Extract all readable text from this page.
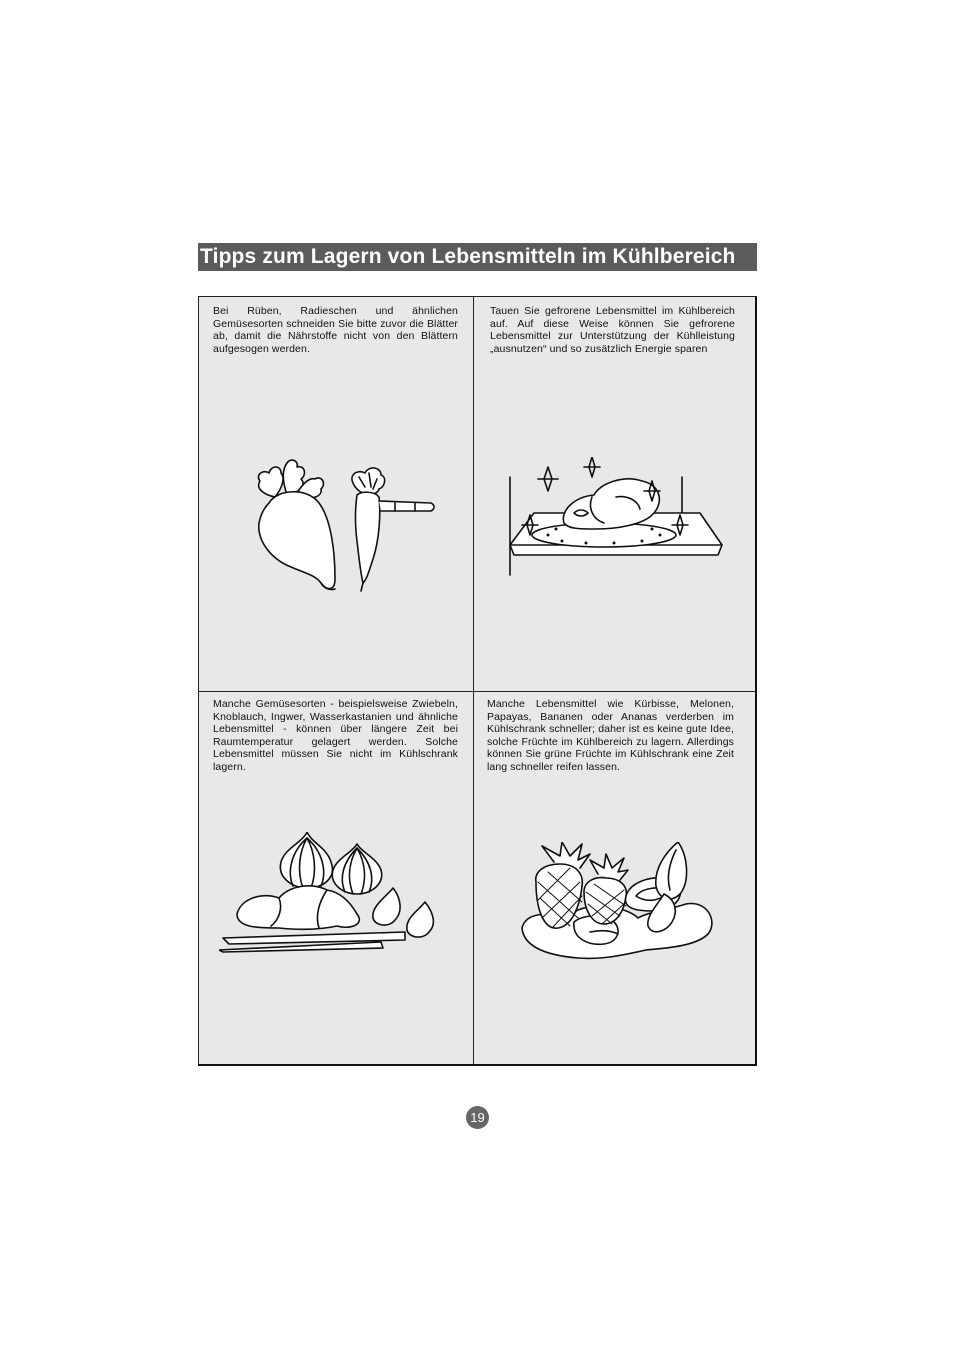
Tipps zum Lagern von Lebensmitteln im Kühlbereich
Bei Rüben, Radieschen und ähnlichen Gemüsesorten schneiden Sie bitte zuvor die Blätter ab, damit die Nährstoffe nicht von den Blättern aufgesogen werden.
Tauen Sie gefrorene Lebensmittel im Kühlbereich auf. Auf diese Weise können Sie gefrorene Lebensmittel zur Unterstützung der Kühlleistung „ausnutzen“ und so zusätzlich Energie sparen
Manche Gemüsesorten - beispielsweise Zwiebeln, Knoblauch, Ingwer, Wasserkastanien und ähnliche Lebensmittel - können über längere Zeit bei Raumtemperatur gelagert werden. Solche Lebensmittel müssen Sie nicht im Kühlschrank lagern.
Manche Lebensmittel wie Kürbisse, Melonen, Papayas, Bananen oder Ananas verderben im Kühlschrank schneller; daher ist es keine gute Idee, solche Früchte im Kühlbereich zu lagern. Allerdings können Sie grüne Früchte im Kühlschrank eine Zeit lang schneller reifen lassen.
19
